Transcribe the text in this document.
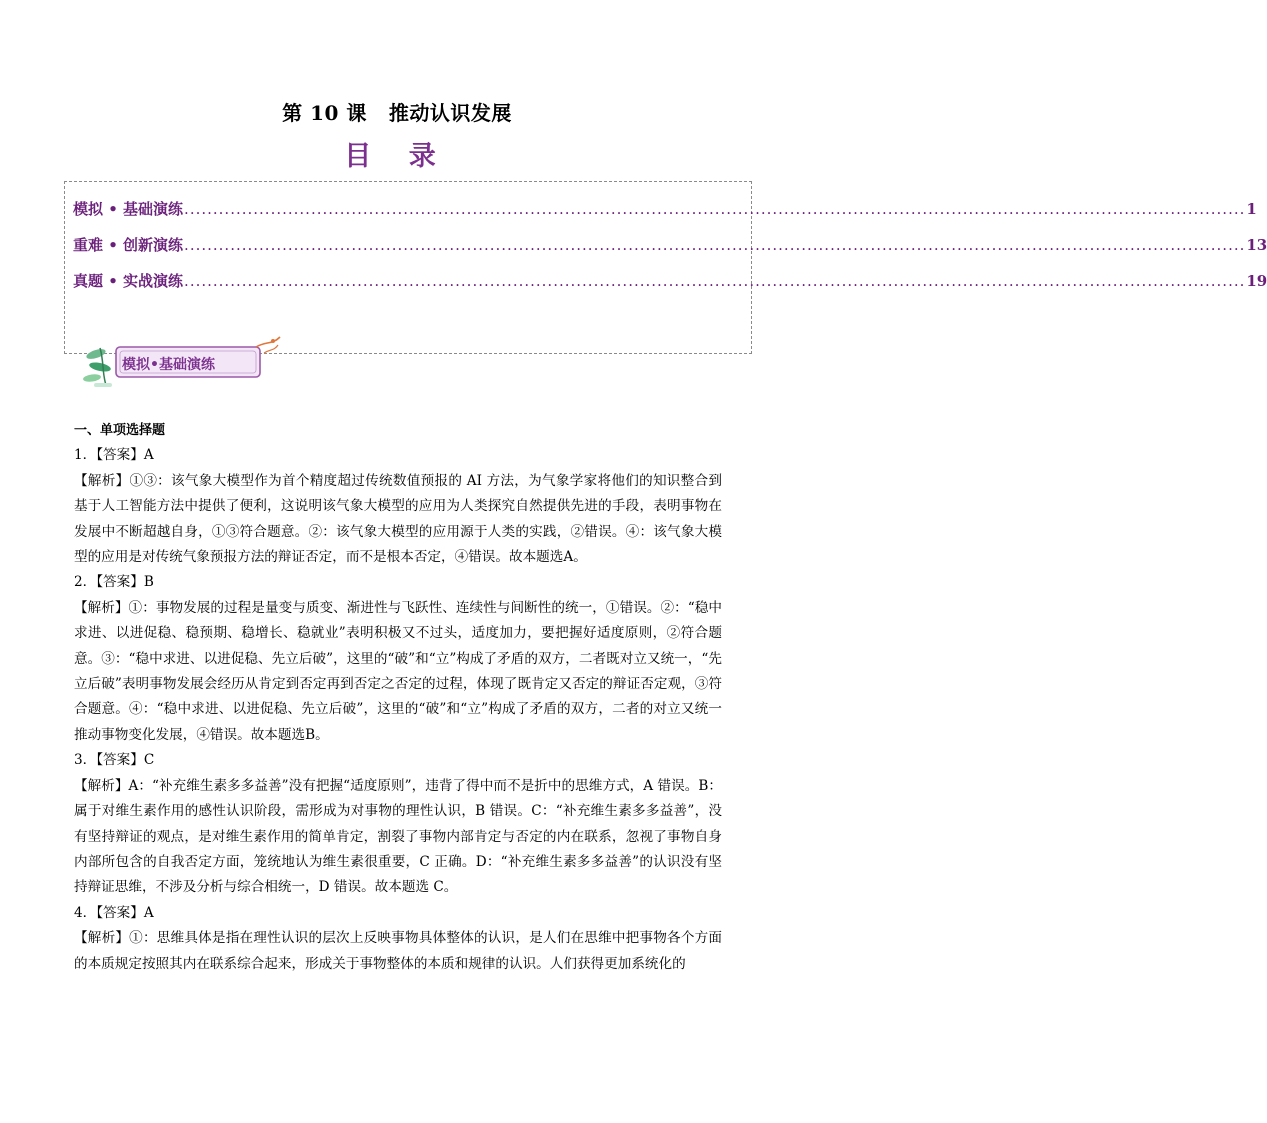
第 10 课 推动认识发展
目 录
模拟 • 基础演练 ........................................................................................................................................................................................ 1
重难 • 创新演练 ........................................................................................................................................................................................ 13
真题 • 实战演练 ........................................................................................................................................................................................ 19
模拟•基础演练

一、单项选择题

1．【答案】A

【解析】①③：该气象大模型作为首个精度超过传统数值预报的 AI 方法，为气象学家将他们的知识整合到基于人工智能方法中提供了便利，这说明该气象大模型的应用为人类探究自然提供先进的手段，表明事物在发展中不断超越自身，①③符合题意。②：该气象大模型的应用源于人类的实践，②错误。④：该气象大模型的应用是对传统气象预报方法的辩证否定，而不是根本否定，④错误。故本题选A。

2．【答案】B

【解析】①：事物发展的过程是量变与质变、渐进性与飞跃性、连续性与间断性的统一，①错误。②：“稳中求进、以进促稳、稳预期、稳增长、稳就业”表明积极又不过头，适度加力，要把握好适度原则，②符合题意。③：“稳中求进、以进促稳、先立后破”，这里的“破”和“立”构成了矛盾的双方，二者既对立又统一，“先立后破”表明事物发展会经历从肯定到否定再到否定之否定的过程，体现了既肯定又否定的辩证否定观，③符合题意。④：“稳中求进、以进促稳、先立后破”，这里的“破”和“立”构成了矛盾的双方，二者的对立又统一推动事物变化发展，④错误。故本题选B。

3．【答案】C

【解析】A：“补充维生素多多益善”没有把握“适度原则”，违背了得中而不是折中的思维方式，A 错误。B：属于对维生素作用的感性认识阶段，需形成为对事物的理性认识，B 错误。C：“补充维生素多多益善”，没有坚持辩证的观点，是对维生素作用的简单肯定，割裂了事物内部肯定与否定的内在联系，忽视了事物自身内部所包含的自我否定方面，笼统地认为维生素很重要，C 正确。D：“补充维生素多多益善”的认识没有坚持辩证思维，不涉及分析与综合相统一，D 错误。故本题选 C。

4．【答案】A

【解析】①：思维具体是指在理性认识的层次上反映事物具体整体的认识，是人们在思维中把事物各个方面的本质规定按照其内在联系综合起来，形成关于事物整体的本质和规律的认识。人们获得更加系统化的
